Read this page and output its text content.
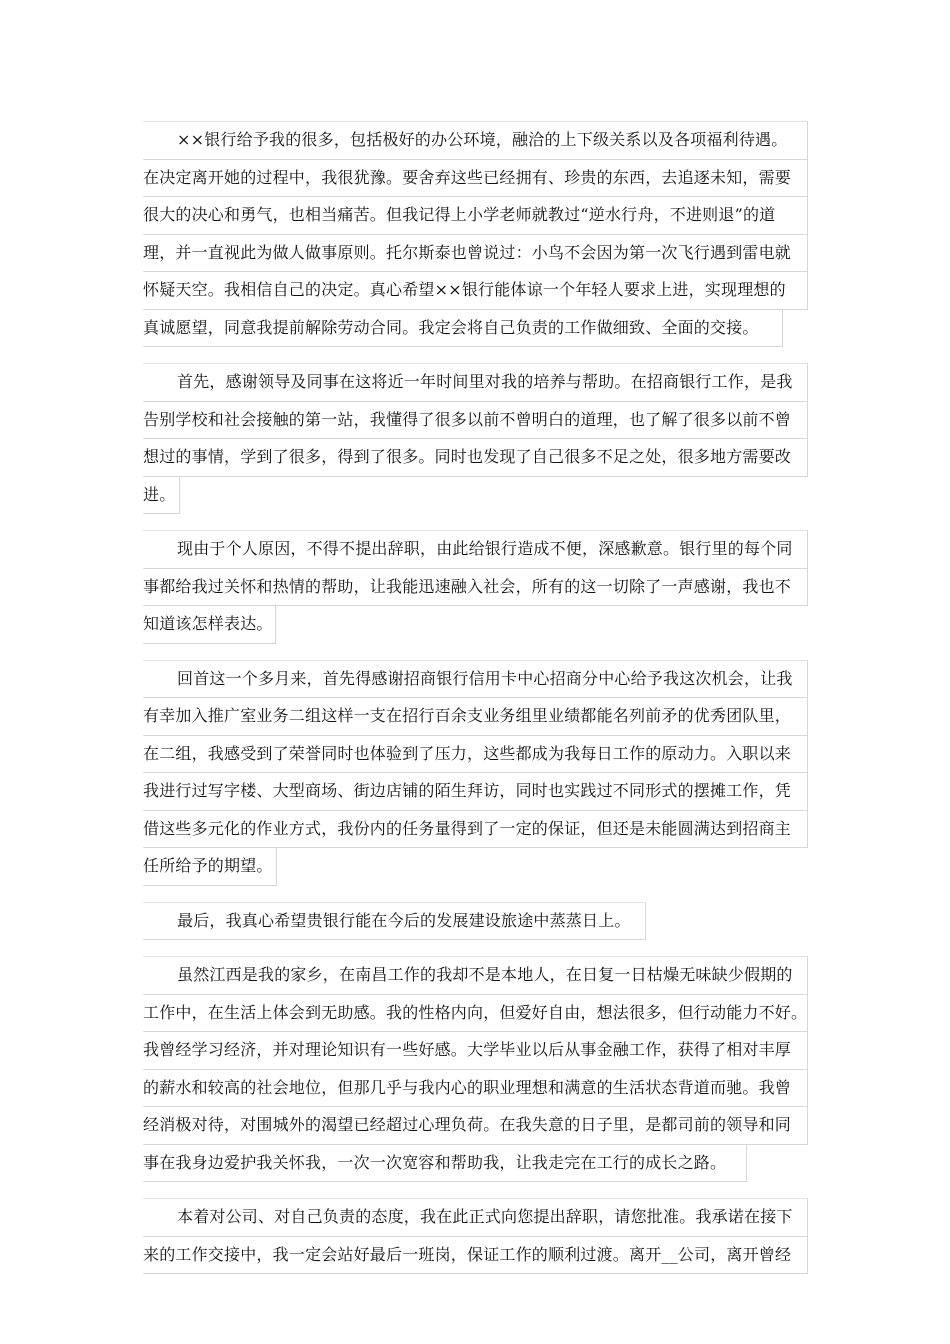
××银行给予我的很多，包括极好的办公环境，融洽的上下级关系以及各项福利待遇。
在决定离开她的过程中，我很犹豫。要舍弃这些已经拥有、珍贵的东西，去追逐未知，需要
很大的决心和勇气，也相当痛苦。但我记得上小学老师就教过“逆水行舟，不进则退”的道
理，并一直视此为做人做事原则。托尔斯泰也曾说过：小鸟不会因为第一次飞行遇到雷电就
怀疑天空。我相信自己的决定。真心希望××银行能体谅一个年轻人要求上进，实现理想的
真诚愿望，同意我提前解除劳动合同。我定会将自己负责的工作做细致、全面的交接。
首先，感谢领导及同事在这将近一年时间里对我的培养与帮助。在招商银行工作，是我
告别学校和社会接触的第一站，我懂得了很多以前不曾明白的道理，也了解了很多以前不曾
想过的事情，学到了很多，得到了很多。同时也发现了自己很多不足之处，很多地方需要改
进。
现由于个人原因，不得不提出辞职，由此给银行造成不便，深感歉意。银行里的每个同
事都给我过关怀和热情的帮助，让我能迅速融入社会，所有的这一切除了一声感谢，我也不
知道该怎样表达。
回首这一个多月来，首先得感谢招商银行信用卡中心招商分中心给予我这次机会，让我
有幸加入推广室业务二组这样一支在招行百余支业务组里业绩都能名列前矛的优秀团队里，
在二组，我感受到了荣誉同时也体验到了压力，这些都成为我每日工作的原动力。入职以来
我进行过写字楼、大型商场、街边店铺的陌生拜访，同时也实践过不同形式的摆摊工作，凭
借这些多元化的作业方式，我份内的任务量得到了一定的保证，但还是未能圆满达到招商主
任所给予的期望。
最后，我真心希望贵银行能在今后的发展建设旅途中蒸蒸日上。
虽然江西是我的家乡，在南昌工作的我却不是本地人，在日复一日枯燥无味缺少假期的
工作中，在生活上体会到无助感。我的性格内向，但爱好自由，想法很多，但行动能力不好。
我曾经学习经济，并对理论知识有一些好感。大学毕业以后从事金融工作，获得了相对丰厚
的薪水和较高的社会地位，但那几乎与我内心的职业理想和满意的生活状态背道而驰。我曾
经消极对待，对围城外的渴望已经超过心理负荷。在我失意的日子里，是都司前的领导和同
事在我身边爱护我关怀我，一次一次宽容和帮助我，让我走完在工行的成长之路。
本着对公司、对自己负责的态度，我在此正式向您提出辞职，请您批准。我承诺在接下
来的工作交接中，我一定会站好最后一班岗，保证工作的顺利过渡。离开__公司，离开曾经
